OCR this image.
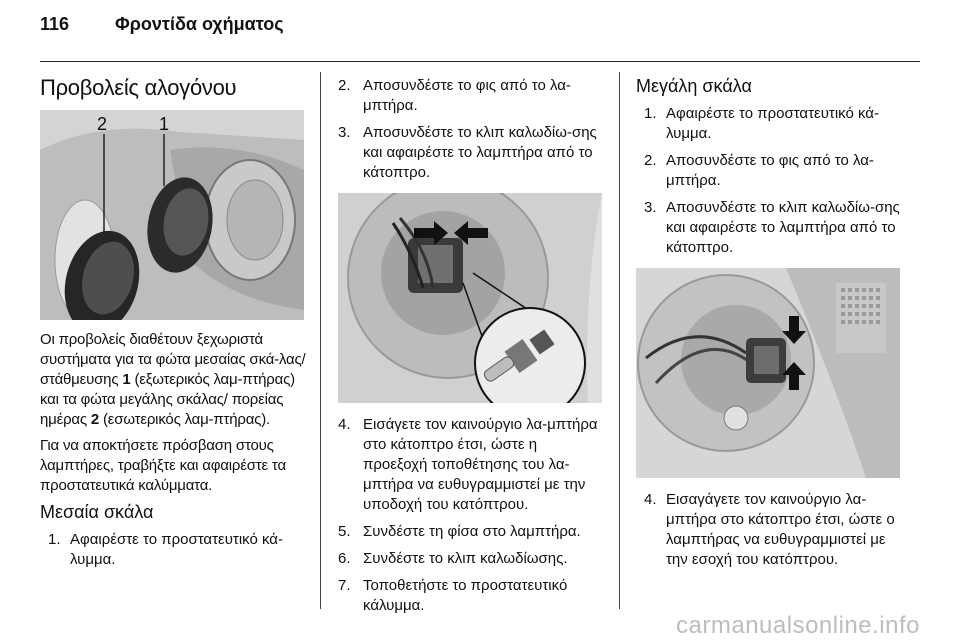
116	Φροντίδα οχήματος
Προβολείς αλογόνου
2	1

Οι προβολείς διαθέτουν ξεχωριστά συστήματα για τα φώτα μεσαίας σκά-λας/στάθμευσης 1 (εξωτερικός λαμ-πτήρας) και τα φώτα μεγάλης σκάλας/ πορείας ημέρας 2 (εσωτερικός λαμ-πτήρας).

Για να αποκτήσετε πρόσβαση στους λαμπτήρες, τραβήξτε και αφαιρέστε τα προστατευτικά καλύμματα.

Μεσαία σκάλα
1. Αφαιρέστε το προστατευτικό κά-λυμμα.
2. Αποσυνδέστε το φις από το λα-μπτήρα.
3. Αποσυνδέστε το κλιπ καλωδίω-σης και αφαιρέστε το λαμπτήρα από το κάτοπτρο.
4. Εισάγετε τον καινούργιο λα-μπτήρα στο κάτοπτρο έτσι, ώστε η προεξοχή τοποθέτησης του λα-μπτήρα να ευθυγραμμιστεί με την υποδοχή του κατόπτρου.
5. Συνδέστε τη φίσα στο λαμπτήρα.
6. Συνδέστε το κλιπ καλωδίωσης.
7. Τοποθετήστε το προστατευτικό κάλυμμα.
Μεγάλη σκάλα
1. Αφαιρέστε το προστατευτικό κά-λυμμα.
2. Αποσυνδέστε το φις από το λα-μπτήρα.
3. Αποσυνδέστε το κλιπ καλωδίω-σης και αφαιρέστε το λαμπτήρα από το κάτοπτρο.
4. Εισαγάγετε τον καινούργιο λα-μπτήρα στο κάτοπτρο έτσι, ώστε ο λαμπτήρας να ευθυγραμμιστεί με την εσοχή του κατόπτρου.
carmanualsonline.info
